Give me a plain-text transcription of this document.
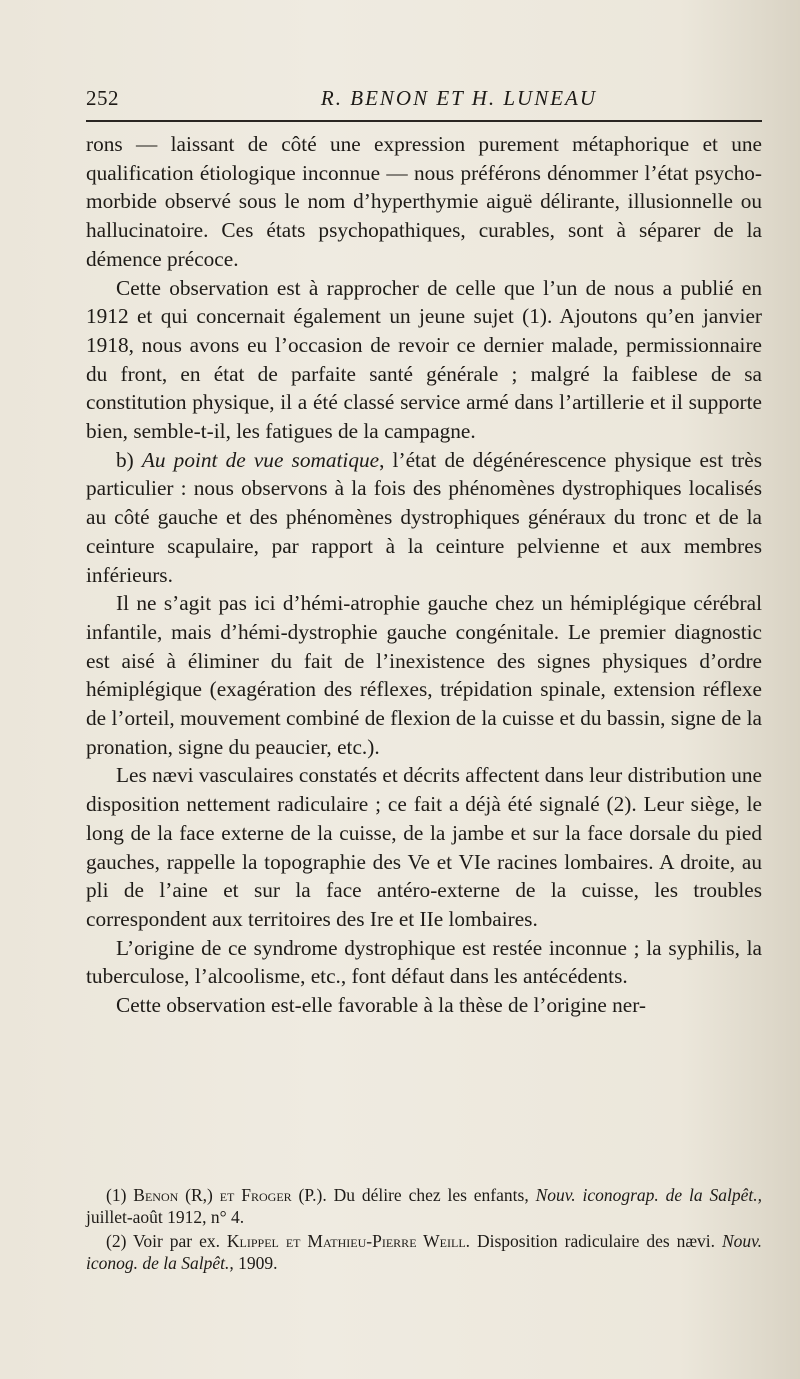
252	R. BENON ET H. LUNEAU

rons — laissant de côté une expression purement métaphorique et une qualification étiologique inconnue — nous préférons dénommer l’état psycho-morbide observé sous le nom d’hyperthymie aiguë délirante, illusionnelle ou hallucinatoire. Ces états psychopathiques, curables, sont à séparer de la démence précoce.

Cette observation est à rapprocher de celle que l’un de nous a publié en 1912 et qui concernait également un jeune sujet (1). Ajoutons qu’en janvier 1918, nous avons eu l’occasion de revoir ce dernier malade, permissionnaire du front, en état de parfaite santé générale ; malgré la faiblese de sa constitution physique, il a été classé service armé dans l’artillerie et il supporte bien, semble-t-il, les fatigues de la campagne.

b) Au point de vue somatique, l’état de dégénérescence physique est très particulier : nous observons à la fois des phénomènes dystrophiques localisés au côté gauche et des phénomènes dystrophiques généraux du tronc et de la ceinture scapulaire, par rapport à la ceinture pelvienne et aux membres inférieurs.

Il ne s’agit pas ici d’hémi-atrophie gauche chez un hémiplégique cérébral infantile, mais d’hémi-dystrophie gauche congénitale. Le premier diagnostic est aisé à éliminer du fait de l’inexistence des signes physiques d’ordre hémiplégique (exagération des réflexes, trépidation spinale, extension réflexe de l’orteil, mouvement combiné de flexion de la cuisse et du bassin, signe de la pronation, signe du peaucier, etc.).

Les nævi vasculaires constatés et décrits affectent dans leur distribution une disposition nettement radiculaire ; ce fait a déjà été signalé (2). Leur siège, le long de la face externe de la cuisse, de la jambe et sur la face dorsale du pied gauches, rappelle la topographie des Ve et VIe racines lombaires. A droite, au pli de l’aine et sur la face antéro-externe de la cuisse, les troubles correspondent aux territoires des Ire et IIe lombaires.

L’origine de ce syndrome dystrophique est restée inconnue ; la syphilis, la tuberculose, l’alcoolisme, etc., font défaut dans les antécédents.

Cette observation est-elle favorable à la thèse de l’origine ner-

(1) Benon (R,) et Froger (P.). Du délire chez les enfants, Nouv. iconograp. de la Salpêt., juillet-août 1912, n° 4.

(2) Voir par ex. Klippel et Mathieu-Pierre Weill. Disposition radiculaire des nævi. Nouv. iconog. de la Salpêt., 1909.
